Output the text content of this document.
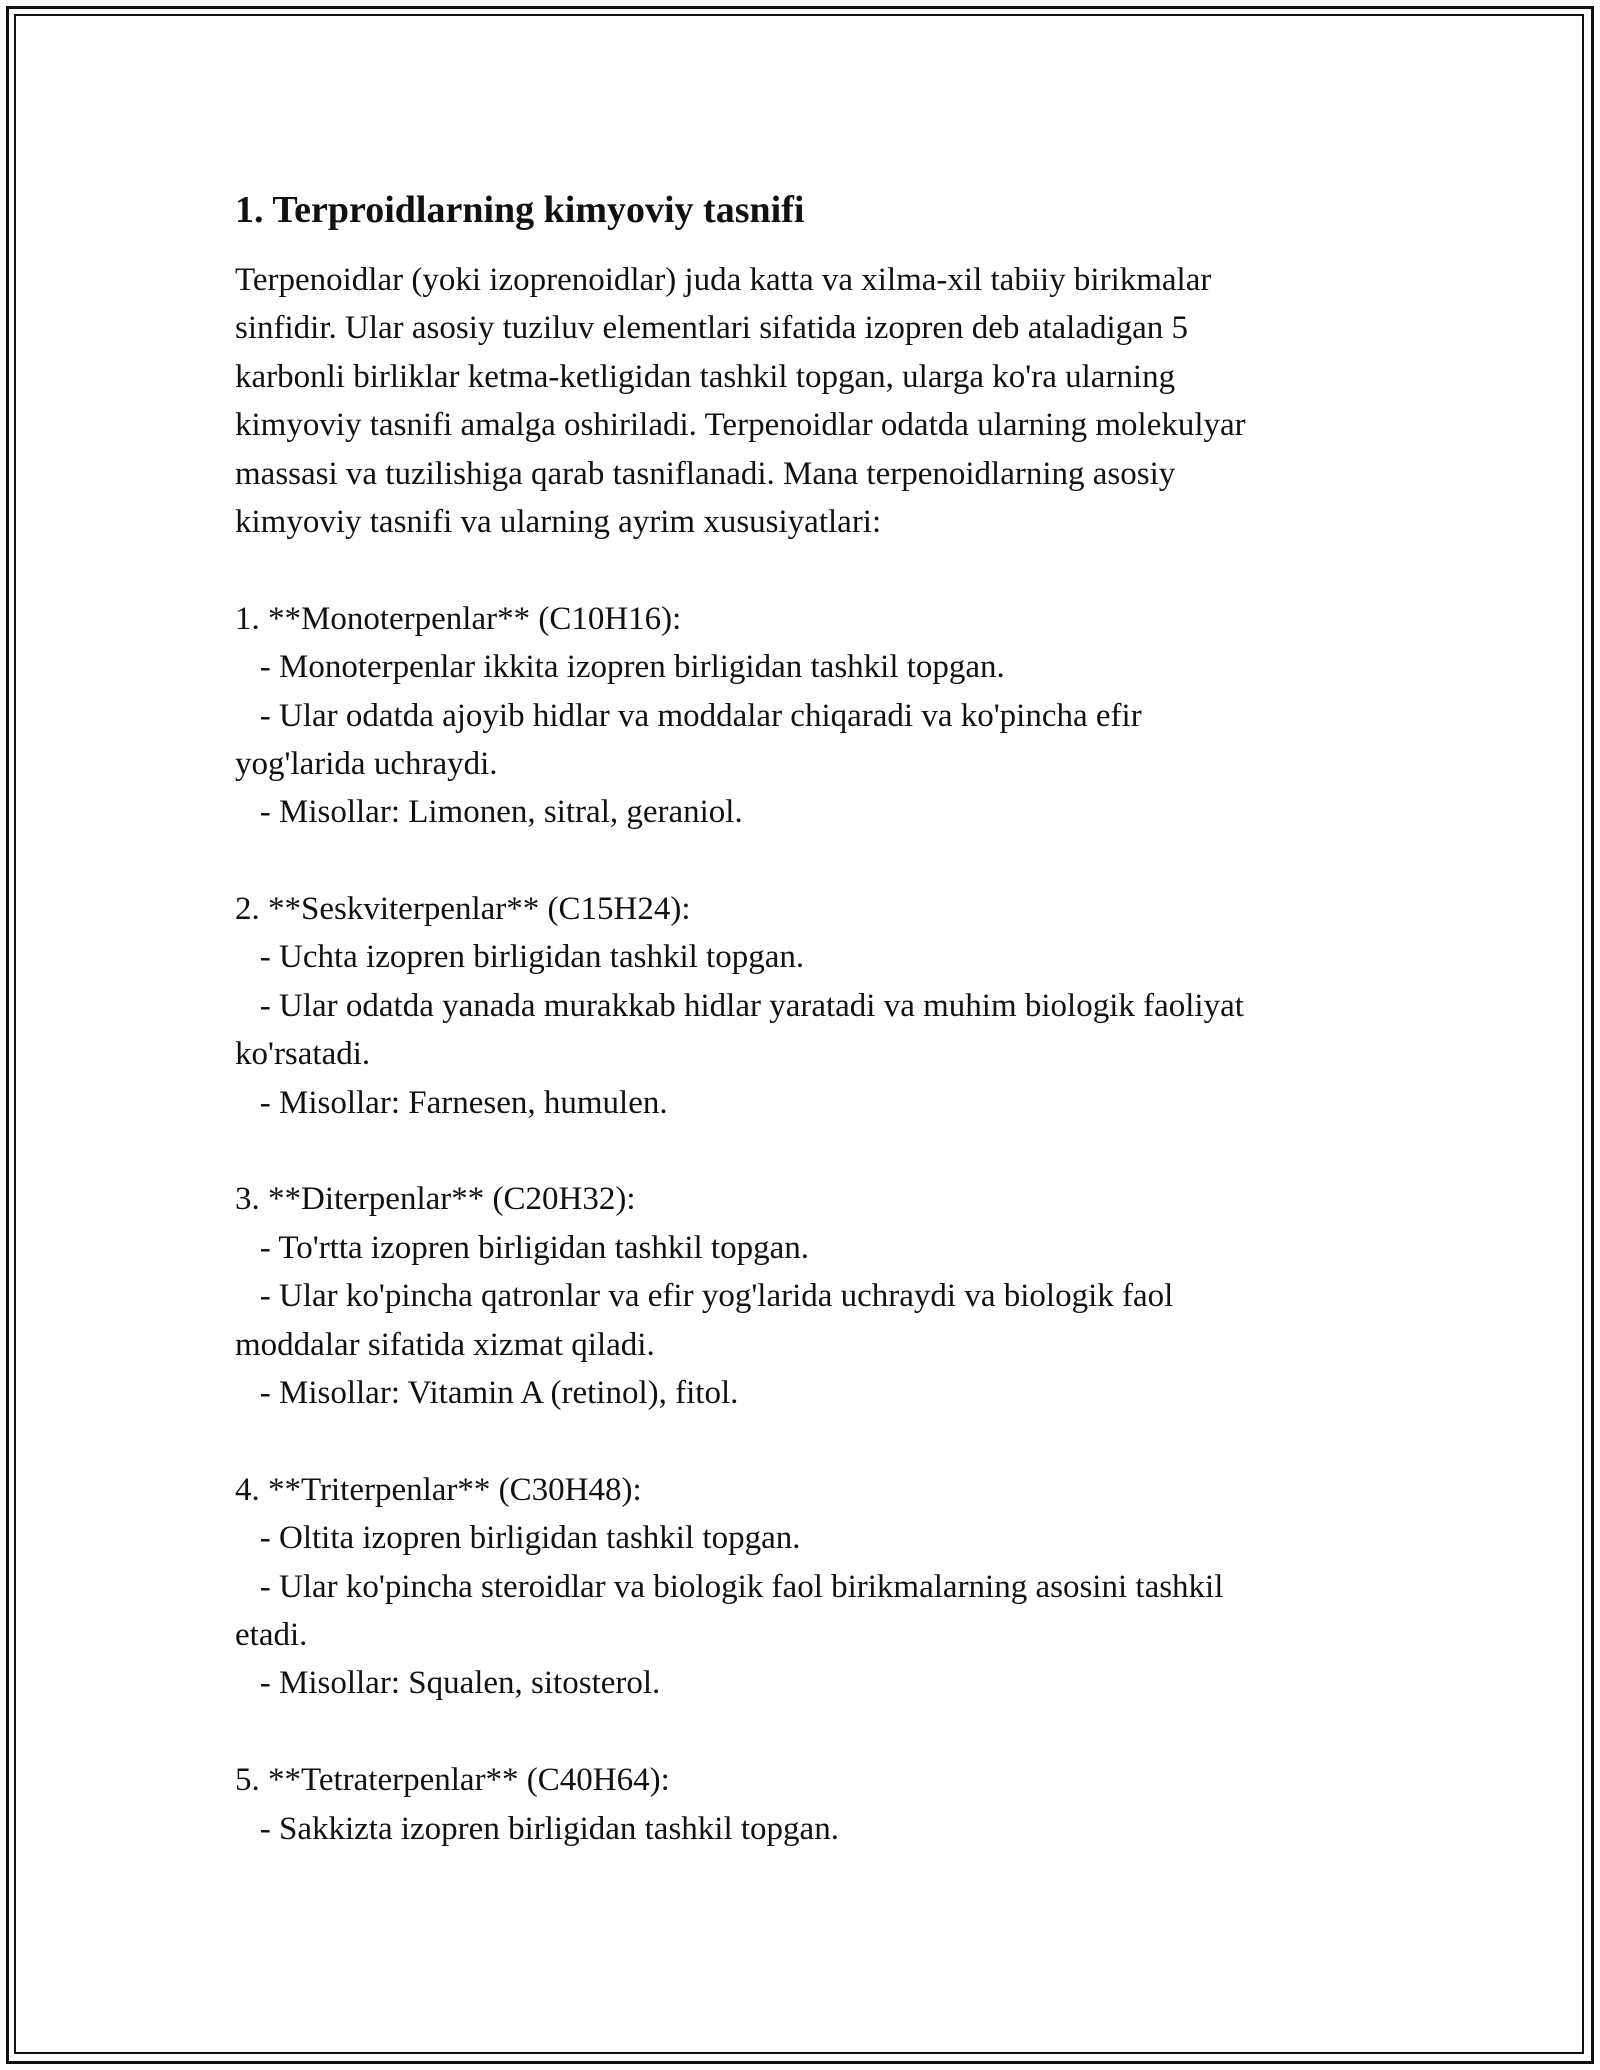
1. Terproidlarning kimyoviy tasnifi
Terpenoidlar (yoki izoprenoidlar) juda katta va xilma-xil tabiiy birikmalar
sinfidir. Ular asosiy tuziluv elementlari sifatida izopren deb ataladigan 5
karbonli birliklar ketma-ketligidan tashkil topgan, ularga ko'ra ularning
kimyoviy tasnifi amalga oshiriladi. Terpenoidlar odatda ularning molekulyar
massasi va tuzilishiga qarab tasniflanadi. Mana terpenoidlarning asosiy
kimyoviy tasnifi va ularning ayrim xususiyatlari:
1. **Monoterpenlar** (C10H16):
- Monoterpenlar ikkita izopren birligidan tashkil topgan.
- Ular odatda ajoyib hidlar va moddalar chiqaradi va ko'pincha efir
yog'larida uchraydi.
- Misollar: Limonen, sitral, geraniol.
2. **Seskviterpenlar** (C15H24):
- Uchta izopren birligidan tashkil topgan.
- Ular odatda yanada murakkab hidlar yaratadi va muhim biologik faoliyat
ko'rsatadi.
- Misollar: Farnesen, humulen.
3. **Diterpenlar** (C20H32):
- To'rtta izopren birligidan tashkil topgan.
- Ular ko'pincha qatronlar va efir yog'larida uchraydi va biologik faol
moddalar sifatida xizmat qiladi.
- Misollar: Vitamin A (retinol), fitol.
4. **Triterpenlar** (C30H48):
- Oltita izopren birligidan tashkil topgan.
- Ular ko'pincha steroidlar va biologik faol birikmalarning asosini tashkil
etadi.
- Misollar: Squalen, sitosterol.
5. **Tetraterpenlar** (C40H64):
- Sakkizta izopren birligidan tashkil topgan.
